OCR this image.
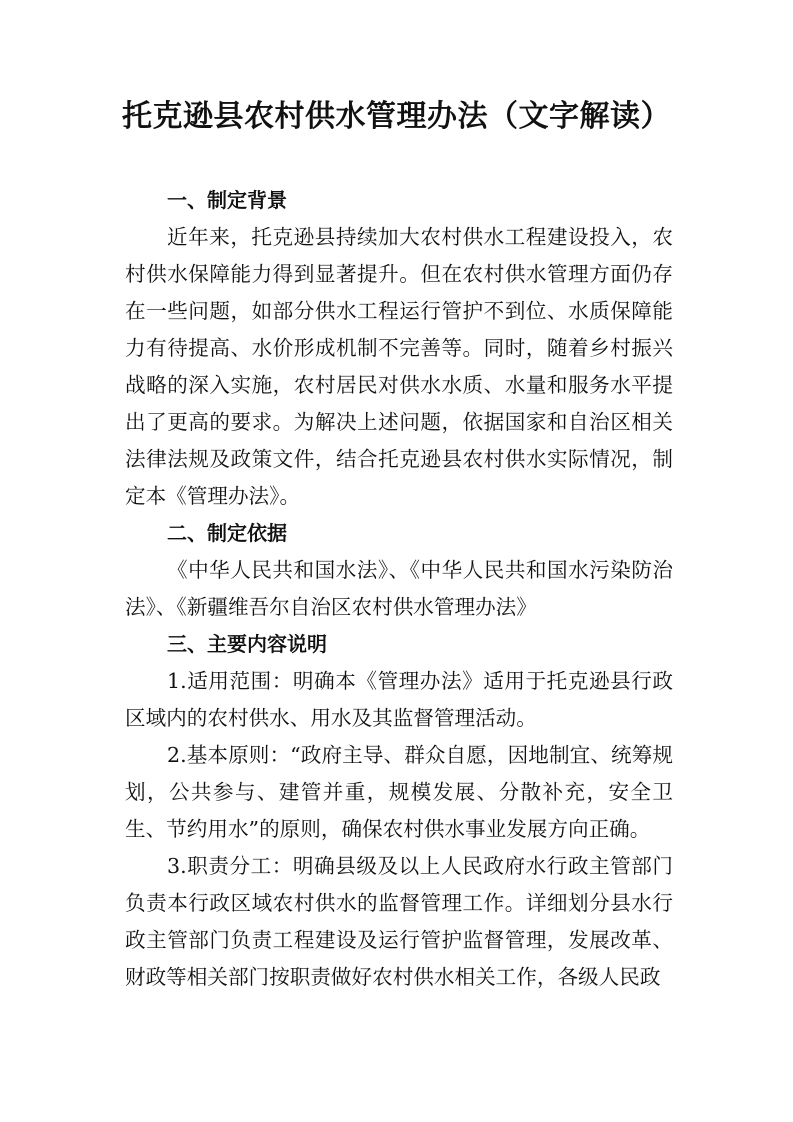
托克逊县农村供水管理办法（文字解读）

一、制定背景

近年来，托克逊县持续加大农村供水工程建设投入，农村供水保障能力得到显著提升。但在农村供水管理方面仍存在一些问题，如部分供水工程运行管护不到位、水质保障能力有待提高、水价形成机制不完善等。同时，随着乡村振兴战略的深入实施，农村居民对供水水质、水量和服务水平提出了更高的要求。为解决上述问题，依据国家和自治区相关法律法规及政策文件，结合托克逊县农村供水实际情况，制定本《管理办法》。

二、制定依据

《中华人民共和国水法》、《中华人民共和国水污染防治法》、《新疆维吾尔自治区农村供水管理办法》

三、主要内容说明

1.适用范围：明确本《管理办法》适用于托克逊县行政区域内的农村供水、用水及其监督管理活动。

2.基本原则：“政府主导、群众自愿，因地制宜、统筹规划，公共参与、建管并重，规模发展、分散补充，安全卫生、节约用水”的原则，确保农村供水事业发展方向正确。

3.职责分工：明确县级及以上人民政府水行政主管部门负责本行政区域农村供水的监督管理工作。详细划分县水行政主管部门负责工程建设及运行管护监督管理，发展改革、财政等相关部门按职责做好农村供水相关工作，各级人民政
